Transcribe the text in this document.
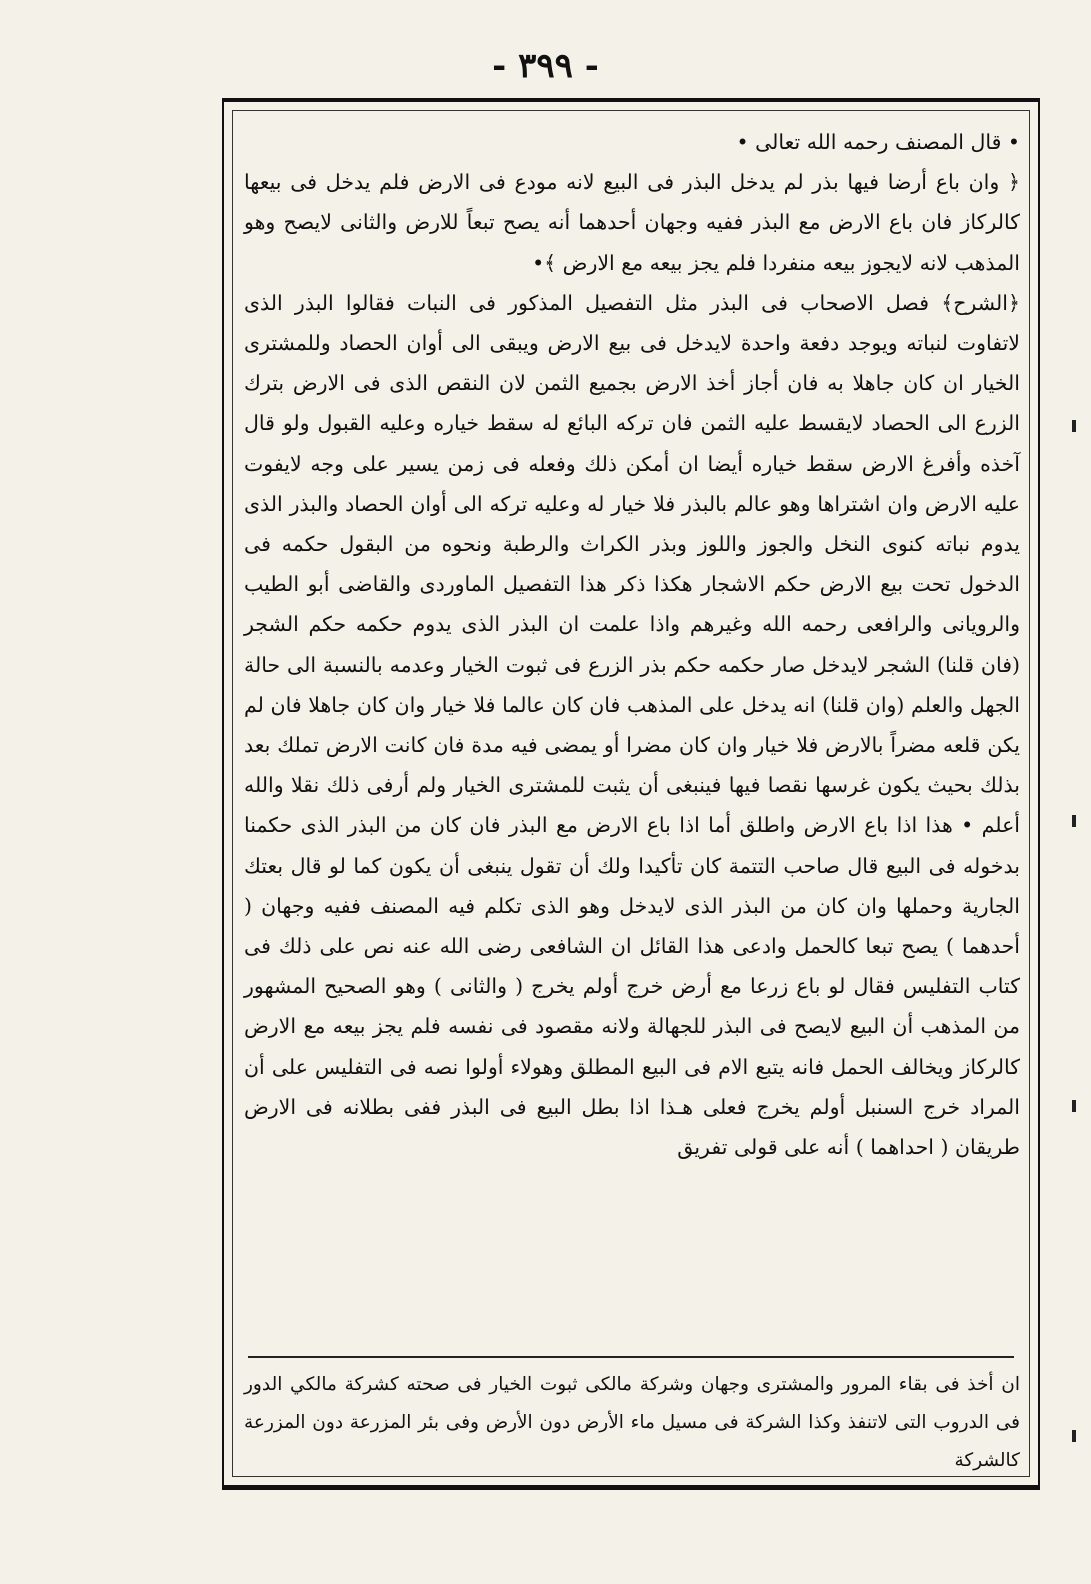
- ٣٩٩ -

• قال المصنف رحمه الله تعالى •

﴿ وان باع أرضا فيها بذر لم يدخل البذر فى البيع لانه مودع فى الارض فلم يدخل فى بيعها كالركاز فان باع الارض مع البذر ففيه وجهان أحدهما أنه يصح تبعاً للارض والثانى لايصح وهو المذهب لانه لايجوز بيعه منفردا فلم يجز بيعه مع الارض ﴾•

﴿الشرح﴾ فصل الاصحاب فى البذر مثل التفصيل المذكور فى النبات فقالوا البذر الذى لاتفاوت لنباته ويوجد دفعة واحدة لايدخل فى بيع الارض ويبقى الى أوان الحصاد وللمشترى الخيار ان كان جاهلا به فان أجاز أخذ الارض بجميع الثمن لان النقص الذى فى الارض بترك الزرع الى الحصاد لايقسط عليه الثمن فان تركه البائع له سقط خياره وعليه القبول ولو قال آخذه وأفرغ الارض سقط خياره أيضا ان أمكن ذلك وفعله فى زمن يسير على وجه لايفوت عليه الارض وان اشتراها وهو عالم بالبذر فلا خيار له وعليه تركه الى أوان الحصاد والبذر الذى يدوم نباته كنوى النخل والجوز واللوز وبذر الكراث والرطبة ونحوه من البقول حكمه فى الدخول تحت بيع الارض حكم الاشجار هكذا ذكر هذا التفصيل الماوردى والقاضى أبو الطيب والرويانى والرافعى رحمه الله وغيرهم واذا علمت ان البذر الذى يدوم حكمه حكم الشجر (فان قلنا) الشجر لايدخل صار حكمه حكم بذر الزرع فى ثبوت الخيار وعدمه بالنسبة الى حالة الجهل والعلم (وان قلنا) انه يدخل على المذهب فان كان عالما فلا خيار وان كان جاهلا فان لم يكن قلعه مضراً بالارض فلا خيار وان كان مضرا أو يمضى فيه مدة فان كانت الارض تملك بعد بذلك بحيث يكون غرسها نقصا فيها فينبغى أن يثبت للمشترى الخيار ولم أرفى ذلك نقلا والله أعلم • هذا اذا باع الارض واطلق أما اذا باع الارض مع البذر فان كان من البذر الذى حكمنا بدخوله فى البيع قال صاحب التتمة كان تأكيدا ولك أن تقول ينبغى أن يكون كما لو قال بعتك الجارية وحملها وان كان من البذر الذى لايدخل وهو الذى تكلم فيه المصنف ففيه وجهان ( أحدهما ) يصح تبعا كالحمل وادعى هذا القائل ان الشافعى رضى الله عنه نص على ذلك فى كتاب التفليس فقال لو باع زرعا مع أرض خرج أولم يخرج ( والثانى ) وهو الصحيح المشهور من المذهب أن البيع لايصح فى البذر للجهالة ولانه مقصود فى نفسه فلم يجز بيعه مع الارض كالركاز ويخالف الحمل فانه يتبع الام فى البيع المطلق وهولاء أولوا نصه فى التفليس على أن المراد خرج السنبل أولم يخرج فعلى هـذا اذا بطل البيع فى البذر ففى بطلانه فى الارض طريقان ( احداهما ) أنه على قولى تفريق

ان أخذ فى بقاء المرور والمشترى وجهان وشركة مالكى ثبوت الخيار فى صحته كشركة مالكي الدور فى الدروب التى لاتنفذ وكذا الشركة فى مسيل ماء الأرض دون الأرض وفى بئر المزرعة دون المزرعة كالشركة
